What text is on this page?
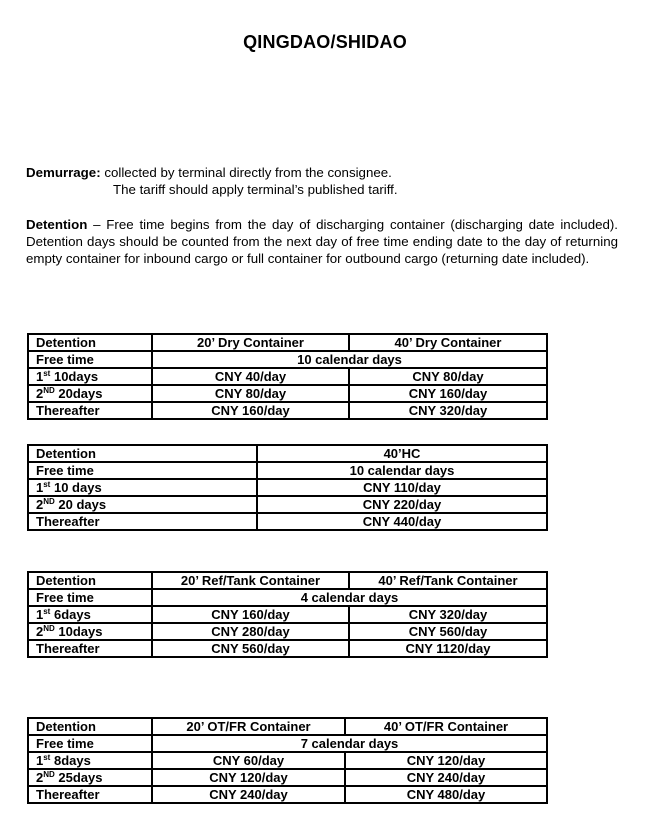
QINGDAO/SHIDAO
Demurrage: collected by terminal directly from the consignee.
The tariff should apply terminal’s published tariff.
Detention – Free time begins from the day of discharging container (discharging date included). Detention days should be counted from the next day of free time ending date to the day of returning empty container for inbound cargo or full container for outbound cargo (returning date included).
Detention	20’ Dry Container	40’ Dry Container
Free time	10 calendar days	
1st 10days	CNY 40/day	CNY 80/day
2ND 20days	CNY 80/day	CNY 160/day
Thereafter	CNY 160/day	CNY 320/day
Detention	40’HC
Free time	10 calendar days
1st 10 days	CNY 110/day
2ND 20 days	CNY 220/day
Thereafter	CNY 440/day
Detention	20’ Ref/Tank Container	40’ Ref/Tank Container
Free time	4 calendar days	
1st 6days	CNY 160/day	CNY 320/day
2ND 10days	CNY 280/day	CNY 560/day
Thereafter	CNY 560/day	CNY 1120/day
Detention	20’ OT/FR Container	40’ OT/FR Container
Free time	7 calendar days	
1st 8days	CNY 60/day	CNY 120/day
2ND 25days	CNY 120/day	CNY 240/day
Thereafter	CNY 240/day	CNY 480/day
